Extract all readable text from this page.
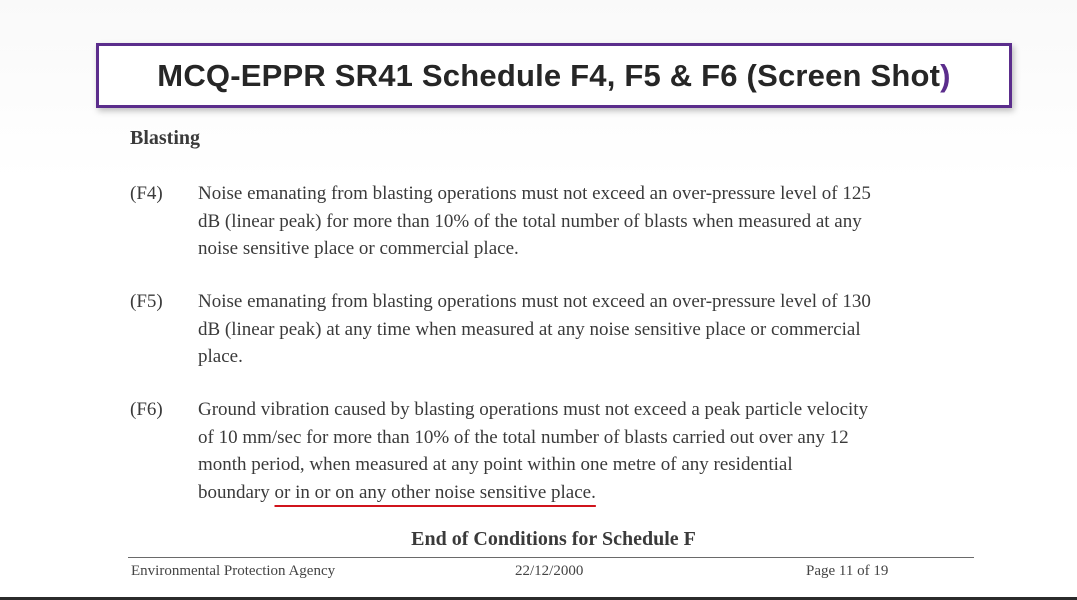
MCQ-EPPR SR41 Schedule F4, F5 & F6 (Screen Shot)
Blasting
(F4) Noise emanating from blasting operations must not exceed an over-pressure level of 125
dB (linear peak) for more than 10% of the total number of blasts when measured at any
noise sensitive place or commercial place.
(F5) Noise emanating from blasting operations must not exceed an over-pressure level of 130
dB (linear peak) at any time when measured at any noise sensitive place or commercial
place.
(F6) Ground vibration caused by blasting operations must not exceed a peak particle velocity
of 10 mm/sec for more than 10% of the total number of blasts carried out over any 12
month period, when measured at any point within one metre of any residential
boundary or in or on any other noise sensitive place.
End of Conditions for Schedule F
Environmental Protection Agency	22/12/2000	Page 11 of 19
